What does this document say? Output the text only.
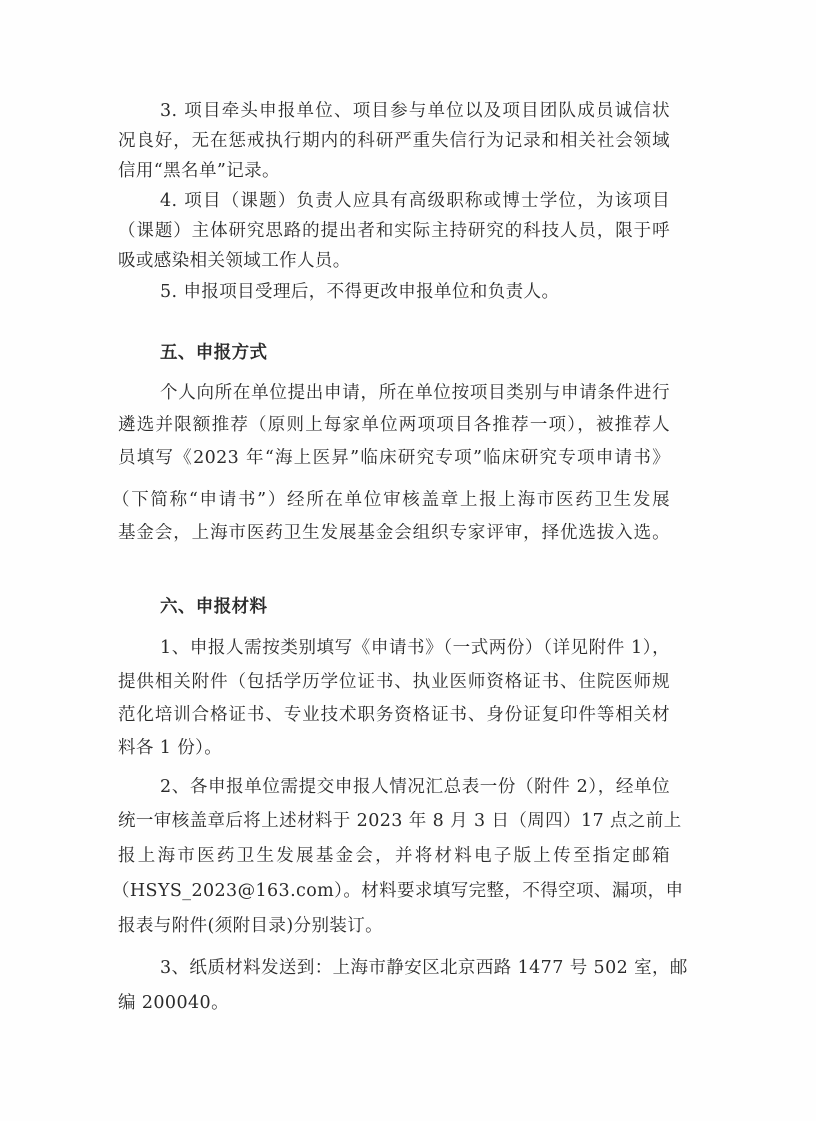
3. 项目牵头申报单位、项目参与单位以及项目团队成员诚信状
况良好，无在惩戒执行期内的科研严重失信行为记录和相关社会领域
信用“黑名单”记录。
4. 项目（课题）负责人应具有高级职称或博士学位，为该项目
（课题）主体研究思路的提出者和实际主持研究的科技人员，限于呼
吸或感染相关领域工作人员。
5. 申报项目受理后，不得更改申报单位和负责人。
五、申报方式
个人向所在单位提出申请，所在单位按项目类别与申请条件进行
遴选并限额推荐（原则上每家单位两项项目各推荐一项），被推荐人
员填写《2023 年“海上医昇”临床研究专项”临床研究专项申请书》
（下简称“申请书”）经所在单位审核盖章上报上海市医药卫生发展
基金会，上海市医药卫生发展基金会组织专家评审，择优选拔入选。
六、申报材料
1、申报人需按类别填写《申请书》（一式两份）（详见附件 1），
提供相关附件（包括学历学位证书、执业医师资格证书、住院医师规
范化培训合格证书、专业技术职务资格证书、身份证复印件等相关材
料各 1 份）。
2、各申报单位需提交申报人情况汇总表一份（附件 2），经单位
统一审核盖章后将上述材料于 2023 年 8 月 3 日（周四）17 点之前上
报上海市医药卫生发展基金会，并将材料电子版上传至指定邮箱
（HSYS_2023@163.com）。材料要求填写完整，不得空项、漏项，申
报表与附件(须附目录)分别装订。
3、纸质材料发送到：上海市静安区北京西路 1477 号 502 室，邮
编 200040。
